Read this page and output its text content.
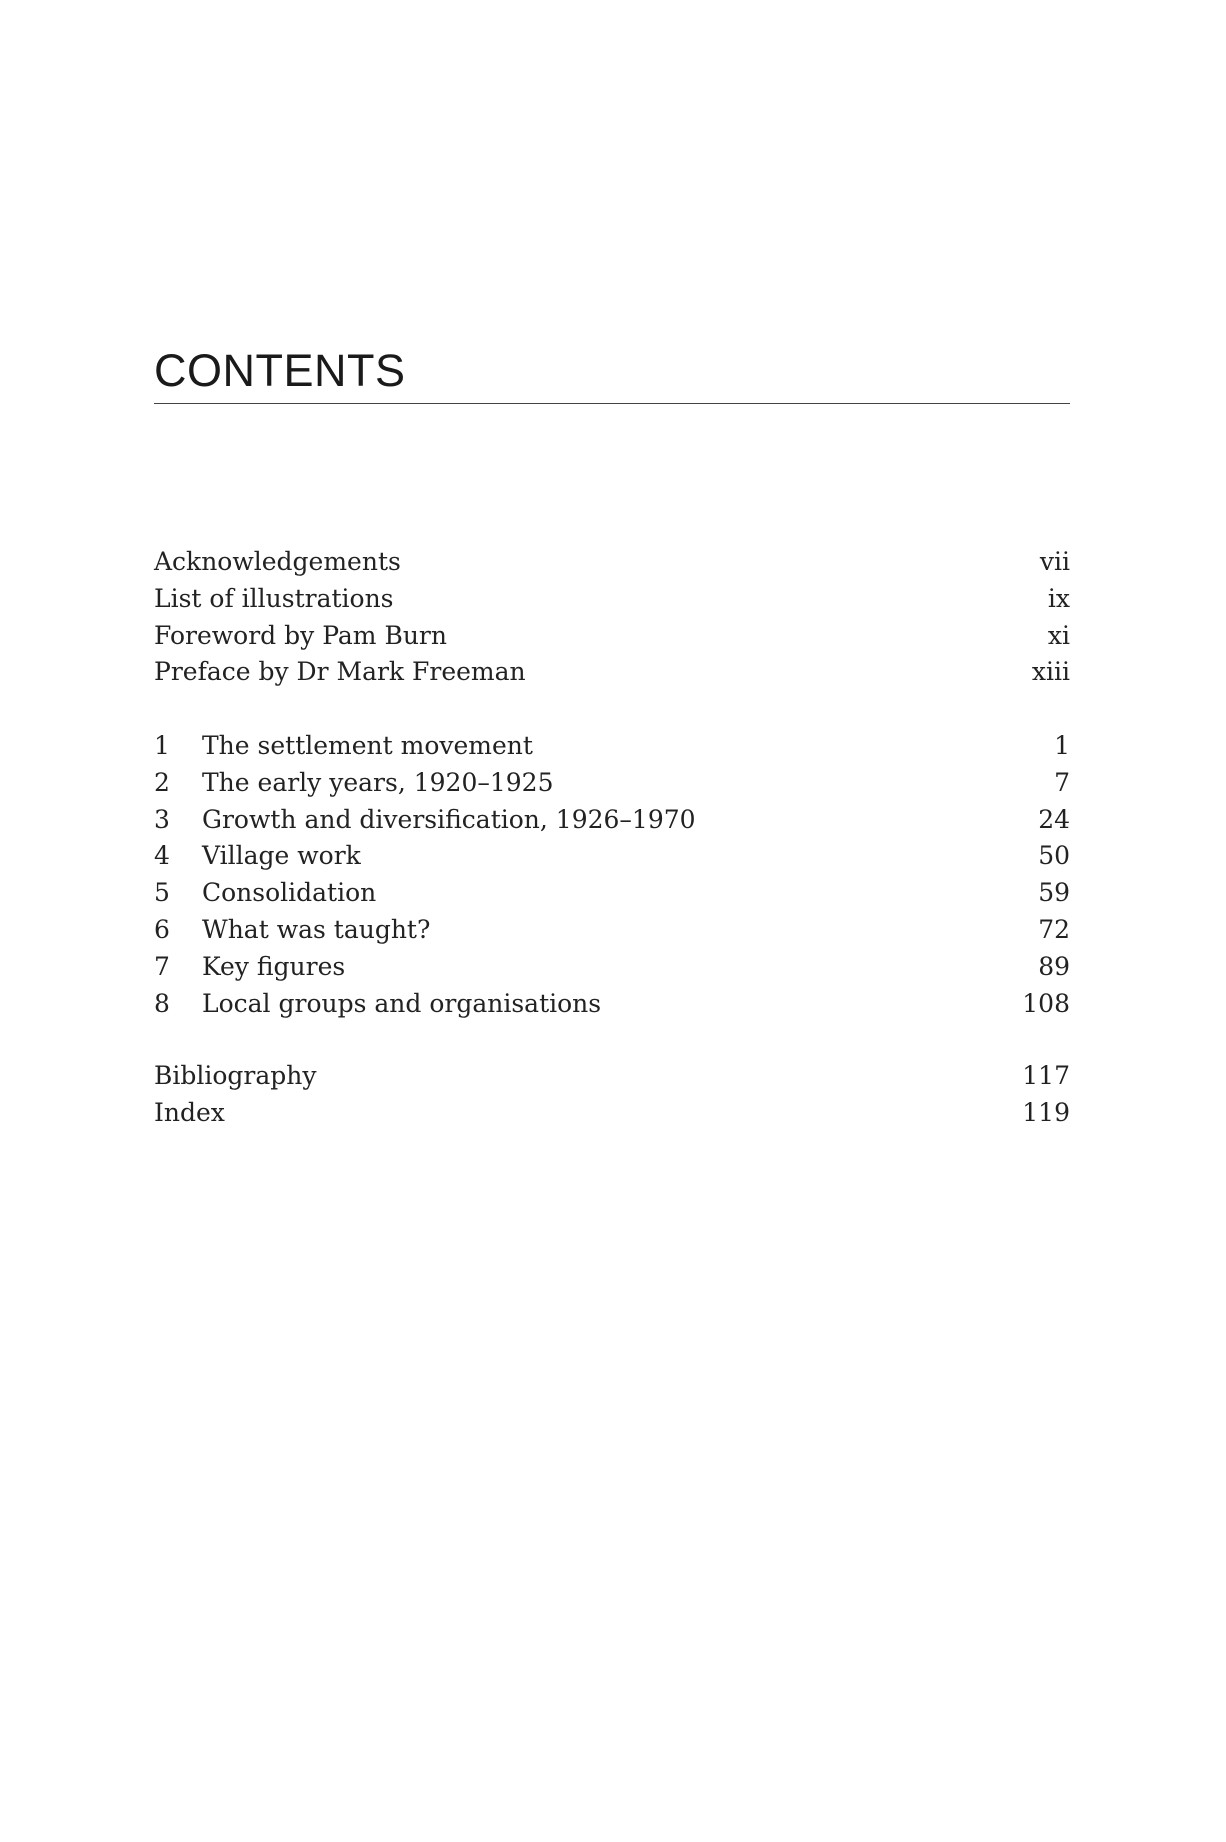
CONTENTS
Acknowledgements	vii
List of illustrations	ix
Foreword by Pam Burn	xi
Preface by Dr Mark Freeman	xiii
1 The settlement movement	1
2 The early years, 1920–1925	7
3 Growth and diversification, 1926–1970	24
4 Village work	50
5 Consolidation	59
6 What was taught?	72
7 Key figures	89
8 Local groups and organisations	108
Bibliography	117
Index	119
